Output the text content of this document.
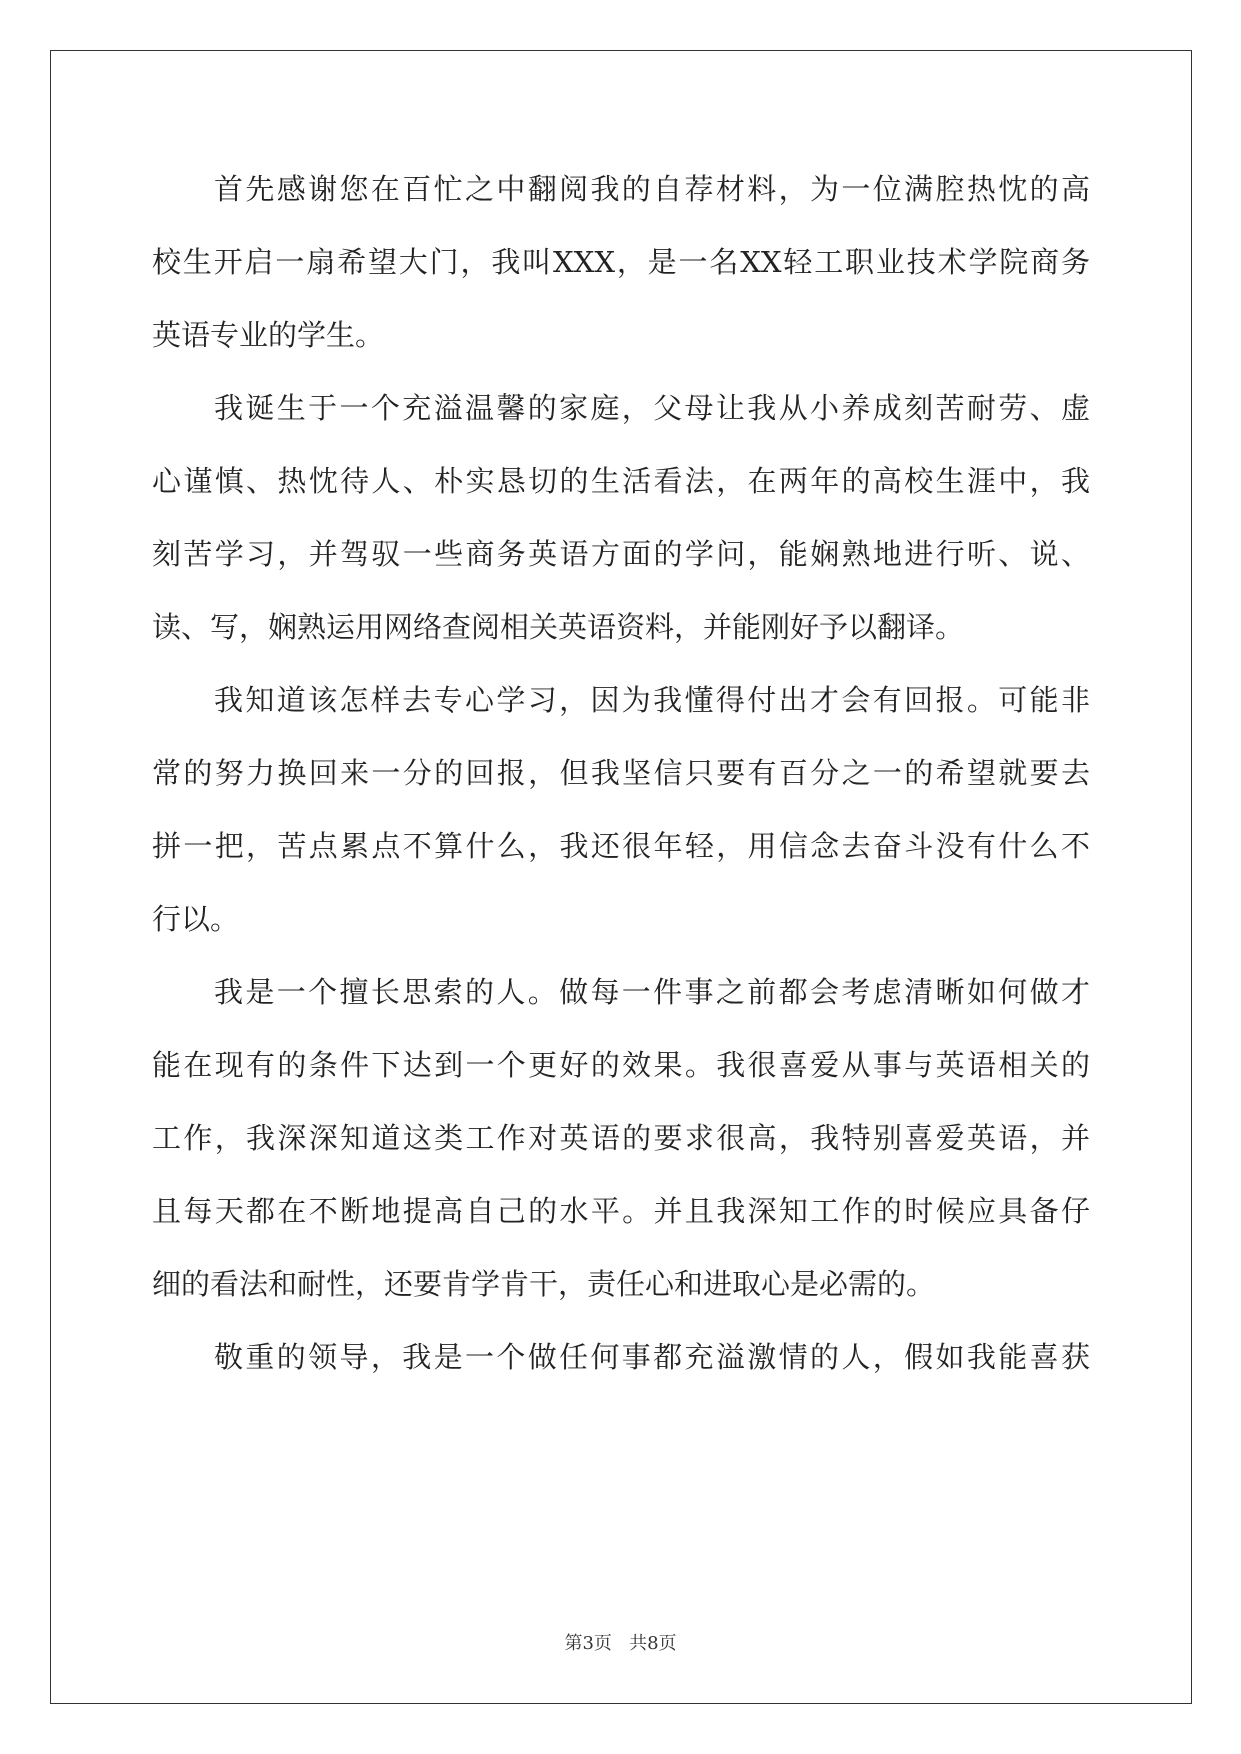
首先感谢您在百忙之中翻阅我的自荐材料，为一位满腔热忱的高
校生开启一扇希望大门，我叫XXX，是一名XX轻工职业技术学院商务
英语专业的学生。
我诞生于一个充溢温馨的家庭，父母让我从小养成刻苦耐劳、虚
心谨慎、热忱待人、朴实恳切的生活看法，在两年的高校生涯中，我
刻苦学习，并驾驭一些商务英语方面的学问，能娴熟地进行听、说、
读、写，娴熟运用网络查阅相关英语资料，并能刚好予以翻译。
我知道该怎样去专心学习，因为我懂得付出才会有回报。可能非
常的努力换回来一分的回报，但我坚信只要有百分之一的希望就要去
拼一把，苦点累点不算什么，我还很年轻，用信念去奋斗没有什么不
行以。
我是一个擅长思索的人。做每一件事之前都会考虑清晰如何做才
能在现有的条件下达到一个更好的效果。我很喜爱从事与英语相关的
工作，我深深知道这类工作对英语的要求很高，我特别喜爱英语，并
且每天都在不断地提高自己的水平。并且我深知工作的时候应具备仔
细的看法和耐性，还要肯学肯干，责任心和进取心是必需的。
敬重的领导，我是一个做任何事都充溢激情的人，假如我能喜获
第3页 共8页
